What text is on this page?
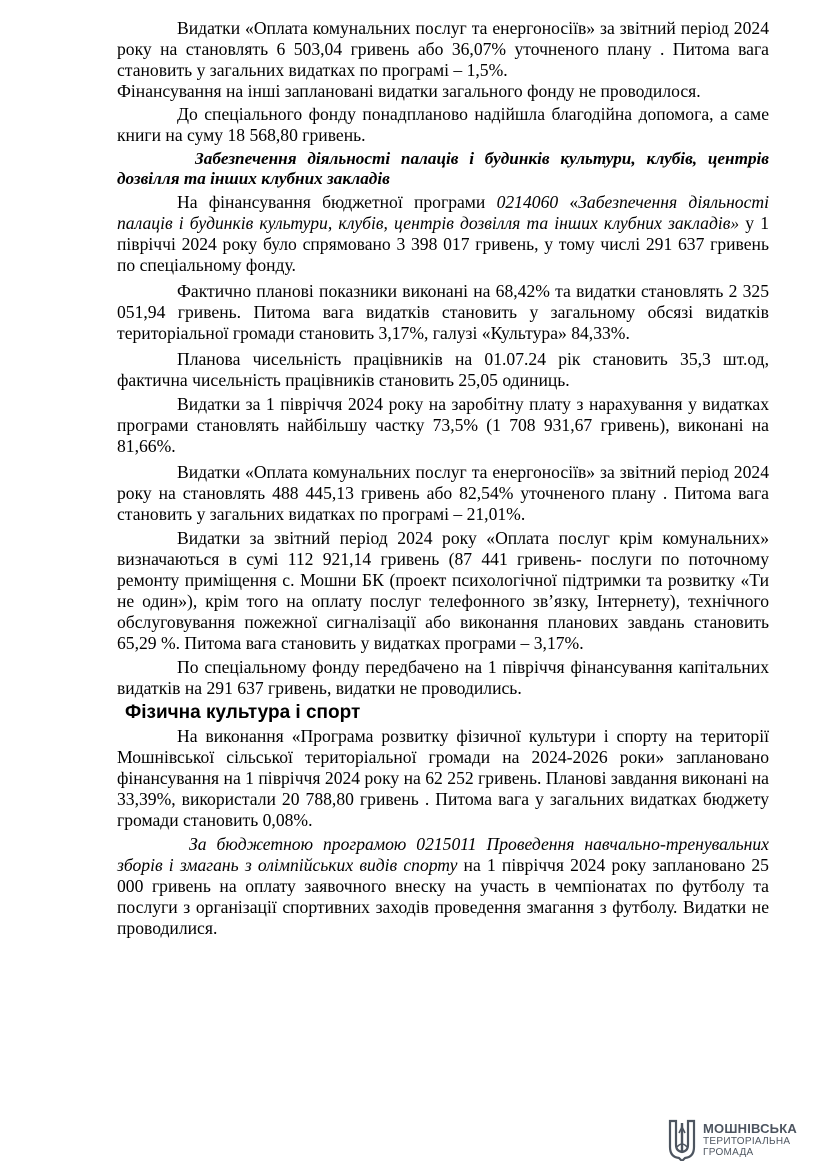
Видатки «Оплата комунальних послуг та енергоносіїв» за звітний період 2024 року на становлять 6 503,04 гривень або 36,07% уточненого плану . Питома вага становить у загальних видатках по програмі – 1,5%.

Фінансування на інші заплановані видатки загального фонду не проводилося.

До спеціального фонду понадпланово надійшла благодійна допомога, а саме книги на суму 18 568,80 гривень.

Забезпечення діяльності палаців і будинків культури, клубів, центрів дозвілля та інших клубних закладів

На фінансування бюджетної програми 0214060 «Забезпечення діяльності палаців і будинків культури, клубів, центрів дозвілля та інших клубних закладів» у 1 півріччі 2024 року було спрямовано 3 398 017 гривень, у тому числі 291 637 гривень по спеціальному фонду.

Фактично планові показники виконані на 68,42% та видатки становлять 2 325 051,94 гривень. Питома вага видатків становить у загальному обсязі видатків територіальної громади становить 3,17%, галузі «Культура» 84,33%.

Планова чисельність працівників на 01.07.24 рік становить 35,3 шт.од, фактична чисельність працівників становить 25,05 одиниць.

Видатки за 1 півріччя 2024 року на заробітну плату з нарахування у видатках програми становлять найбільшу частку 73,5% (1 708 931,67 гривень), виконані на 81,66%.

Видатки «Оплата комунальних послуг та енергоносіїв» за звітний період 2024 року на становлять 488 445,13 гривень або 82,54% уточненого плану . Питома вага становить у загальних видатках по програмі – 21,01%.

Видатки за звітний період 2024 року «Оплата послуг крім комунальних» визначаються в сумі 112 921,14 гривень (87 441 гривень- послуги по поточному ремонту приміщення с. Мошни БК (проект психологічної підтримки та розвитку «Ти не один»), крім того на оплату послуг телефонного зв’язку, Інтернету), технічного обслуговування пожежної сигналізації або виконання планових завдань становить 65,29 %. Питома вага становить у видатках програми – 3,17%.

По спеціальному фонду передбачено на 1 півріччя фінансування капітальних видатків на 291 637 гривень, видатки не проводились.

Фізична культура і спорт

На виконання «Програма розвитку фізичної культури і спорту на території Мошнівської сільської територіальної громади на 2024-2026 роки» заплановано фінансування на 1 півріччя 2024 року на 62 252 гривень. Планові завдання виконані на 33,39%, використали 20 788,80 гривень . Питома вага у загальних видатках бюджету громади становить 0,08%.

За бюджетною програмою 0215011 Проведення навчально-тренувальних зборів і змагань з олімпійських видів спорту на 1 півріччя 2024 року заплановано 25 000 гривень на оплату заявочного внеску на участь в чемпіонатах по футболу та послуги з організації спортивних заходів проведення змагання з футболу. Видатки не проводилися.

МОШНІВСЬКА
ТЕРИТОРІАЛЬНА
ГРОМАДА
